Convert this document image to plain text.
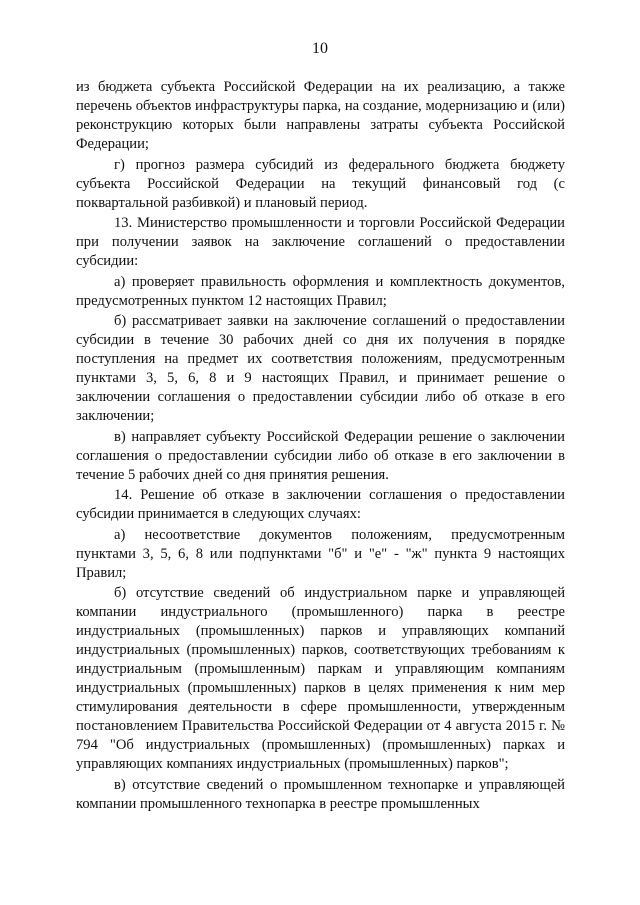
10

из бюджета субъекта Российской Федерации на их реализацию, а также перечень объектов инфраструктуры парка, на создание, модернизацию и (или) реконструкцию которых были направлены затраты субъекта Российской Федерации;

г) прогноз размера субсидий из федерального бюджета бюджету субъекта Российской Федерации на текущий финансовый год (с поквартальной разбивкой) и плановый период.

13. Министерство промышленности и торговли Российской Федерации при получении заявок на заключение соглашений о предоставлении субсидии:

а) проверяет правильность оформления и комплектность документов, предусмотренных пунктом 12 настоящих Правил;

б) рассматривает заявки на заключение соглашений о предоставлении субсидии в течение 30 рабочих дней со дня их получения в порядке поступления на предмет их соответствия положениям, предусмотренным пунктами 3, 5, 6, 8 и 9 настоящих Правил, и принимает решение о заключении соглашения о предоставлении субсидии либо об отказе в его заключении;

в) направляет субъекту Российской Федерации решение о заключении соглашения о предоставлении субсидии либо об отказе в его заключении в течение 5 рабочих дней со дня принятия решения.

14. Решение об отказе в заключении соглашения о предоставлении субсидии принимается в следующих случаях:

а) несоответствие документов положениям, предусмотренным пунктами 3, 5, 6, 8 или подпунктами "б" и "е" - "ж" пункта 9 настоящих Правил;

б) отсутствие сведений об индустриальном парке и управляющей компании индустриального (промышленного) парка в реестре индустриальных (промышленных) парков и управляющих компаний индустриальных (промышленных) парков, соответствующих требованиям к индустриальным (промышленным) паркам и управляющим компаниям индустриальных (промышленных) парков в целях применения к ним мер стимулирования деятельности в сфере промышленности, утвержденным постановлением Правительства Российской Федерации от 4 августа 2015 г. № 794 "Об индустриальных (промышленных) (промышленных) парках и управляющих компаниях индустриальных (промышленных) парков";

в) отсутствие сведений о промышленном технопарке и управляющей компании промышленного технопарка в реестре промышленных
